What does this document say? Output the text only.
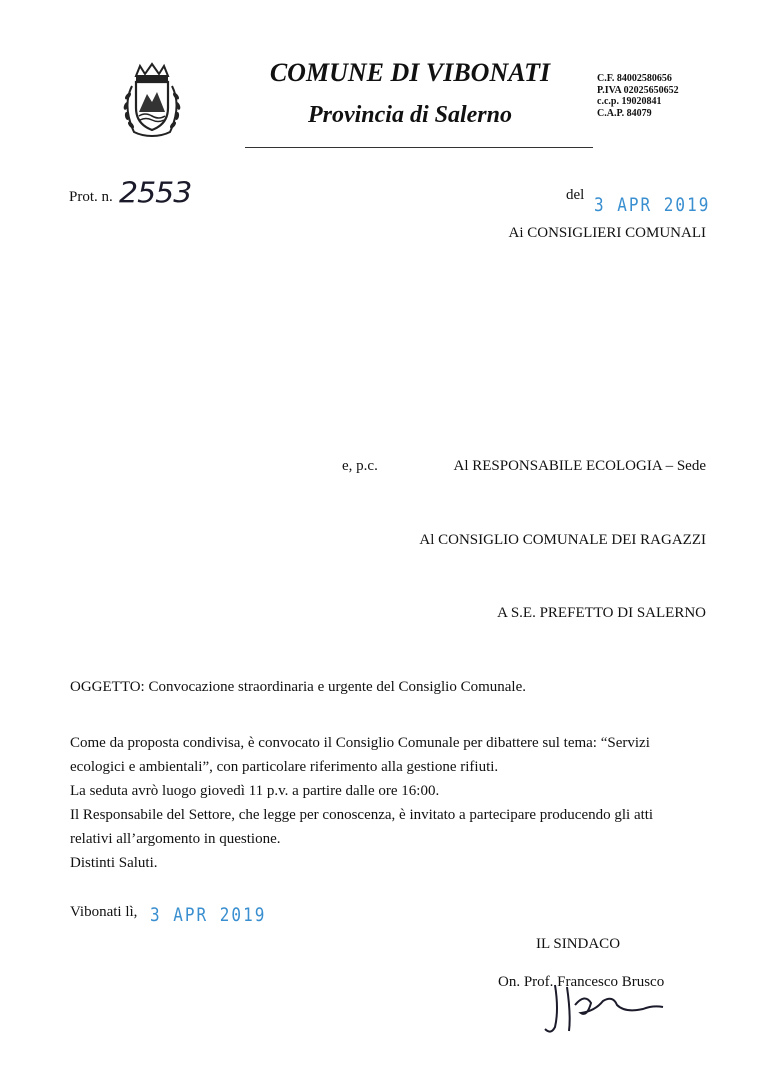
COMUNE DI VIBONATI
Provincia di Salerno
C.F. 84002580656
P.IVA 02025650652
c.c.p. 19020841
C.A.P. 84079
Prot. n. 2553	del 3 APR 2019
Ai CONSIGLIERI COMUNALI
e, p.c.	Al RESPONSABILE ECOLOGIA – Sede
Al CONSIGLIO COMUNALE DEI RAGAZZI
A S.E. PREFETTO DI SALERNO
OGGETTO: Convocazione straordinaria e urgente del Consiglio Comunale.
Come da proposta condivisa, è convocato il Consiglio Comunale per dibattere sul tema: “Servizi
ecologici e ambientali”, con particolare riferimento alla gestione rifiuti.
La seduta avrò luogo giovedì 11 p.v. a partire dalle ore 16:00.
Il Responsabile del Settore, che legge per conoscenza, è invitato a partecipare producendo gli atti
relativi all’argomento in questione.
Distinti Saluti.
Vibonati lì, 3 APR 2019
IL SINDACO
On. Prof. Francesco Brusco
